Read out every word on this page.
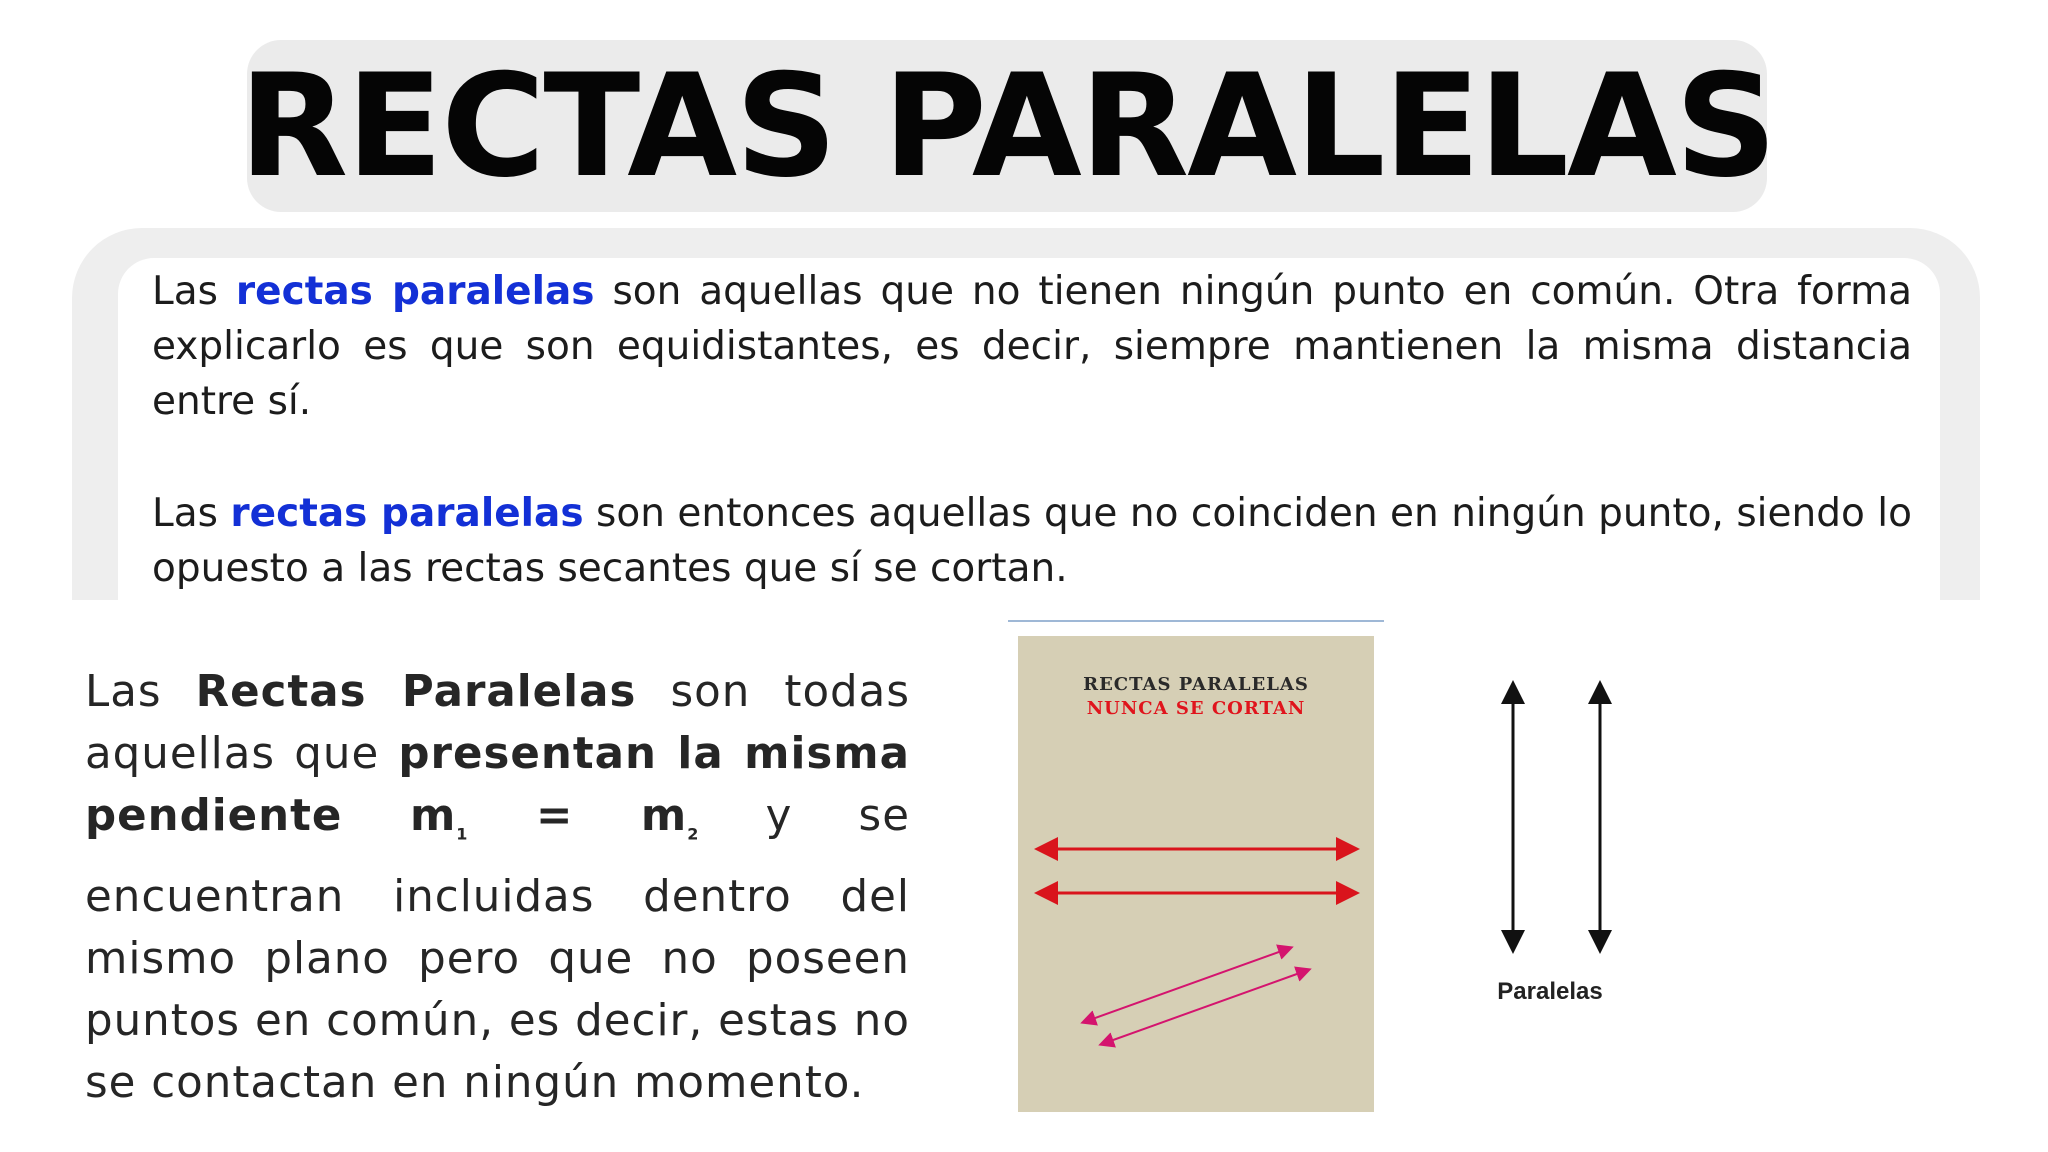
RECTAS PARALELAS

Las rectas paralelas son aquellas que no tienen ningún punto en común. Otra forma explicarlo es que son equidistantes, es decir, siempre mantienen la misma distancia entre sí.

Las rectas paralelas son entonces aquellas que no coinciden en ningún punto, siendo lo opuesto a las rectas secantes que sí se cortan.

Las Rectas Paralelas son todas aquellas que presentan la misma pendiente $m_1 = m_2$ y se encuentran incluidas dentro del mismo plano pero que no poseen puntos en común, es decir, estas no se contactan en ningún momento.

RECTAS PARALELAS
NUNCA SE CORTAN
Paralelas
